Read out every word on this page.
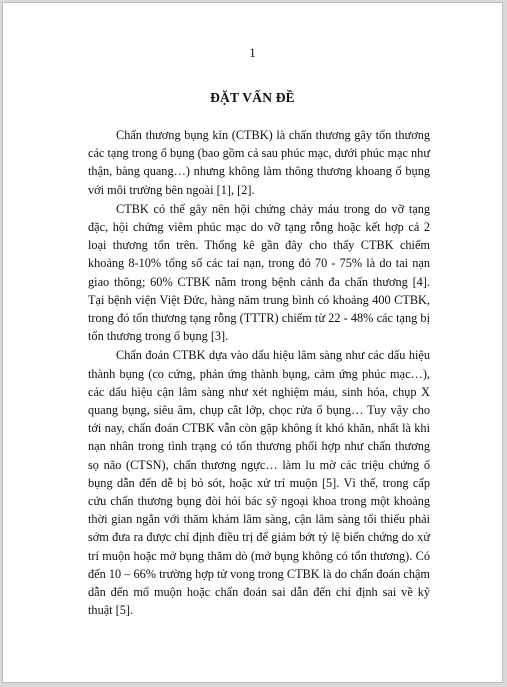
1
ĐẶT VẤN ĐỀ

Chấn thương bụng kín (CTBK) là chấn thương gây tổn thương các tạng trong ổ bụng (bao gồm cả sau phúc mạc, dưới phúc mạc như thận, bàng quang…) nhưng không làm thông thương khoang ổ bụng với môi trường bên ngoài [1], [2].

CTBK có thể gây nên hội chứng chảy máu trong do vỡ tạng đặc, hội chứng viêm phúc mạc do vỡ tạng rỗng hoặc kết hợp cả 2 loại thương tổn trên. Thống kê gần đây cho thấy CTBK chiếm khoảng 8-10% tổng số các tai nạn, trong đó 70 - 75% là do tai nạn giao thông; 60% CTBK nằm trong bệnh cảnh đa chấn thương [4]. Tại bệnh viện Việt Đức, hàng năm trung bình có khoảng 400 CTBK, trong đó tổn thương tạng rỗng (TTTR) chiếm từ 22 - 48% các tạng bị tổn thương trong ổ bụng [3].

Chẩn đoán CTBK dựa vào dấu hiệu lâm sàng như các dấu hiệu thành bụng (co cứng, phản ứng thành bụng, cảm ứng phúc mạc…), các dấu hiệu cận lâm sàng như xét nghiệm máu, sinh hóa, chụp X quang bụng, siêu âm, chụp cắt lớp, chọc rửa ổ bụng… Tuy vậy cho tới nay, chẩn đoán CTBK vẫn còn gặp không ít khó khăn, nhất là khi nạn nhân trong tình trạng có tổn thương phối hợp như chấn thương sọ não (CTSN), chấn thương ngực… làm lu mờ các triệu chứng ổ bụng dẫn đến dễ bị bỏ sót, hoặc xử trí muộn [5]. Vì thế, trong cấp cứu chấn thương bụng đòi hỏi bác sỹ ngoại khoa trong một khoảng thời gian ngắn với thăm khám lâm sàng, cận lâm sàng tối thiểu phải sớm đưa ra được chỉ định điều trị để giảm bớt tỷ lệ biến chứng do xử trí muộn hoặc mở bụng thăm dò (mở bụng không có tổn thương). Có đến 10 – 66% trường hợp tử vong trong CTBK là do chẩn đoán chậm dẫn đến mổ muộn hoặc chẩn đoán sai dẫn đến chỉ định sai về kỹ thuật [5].
